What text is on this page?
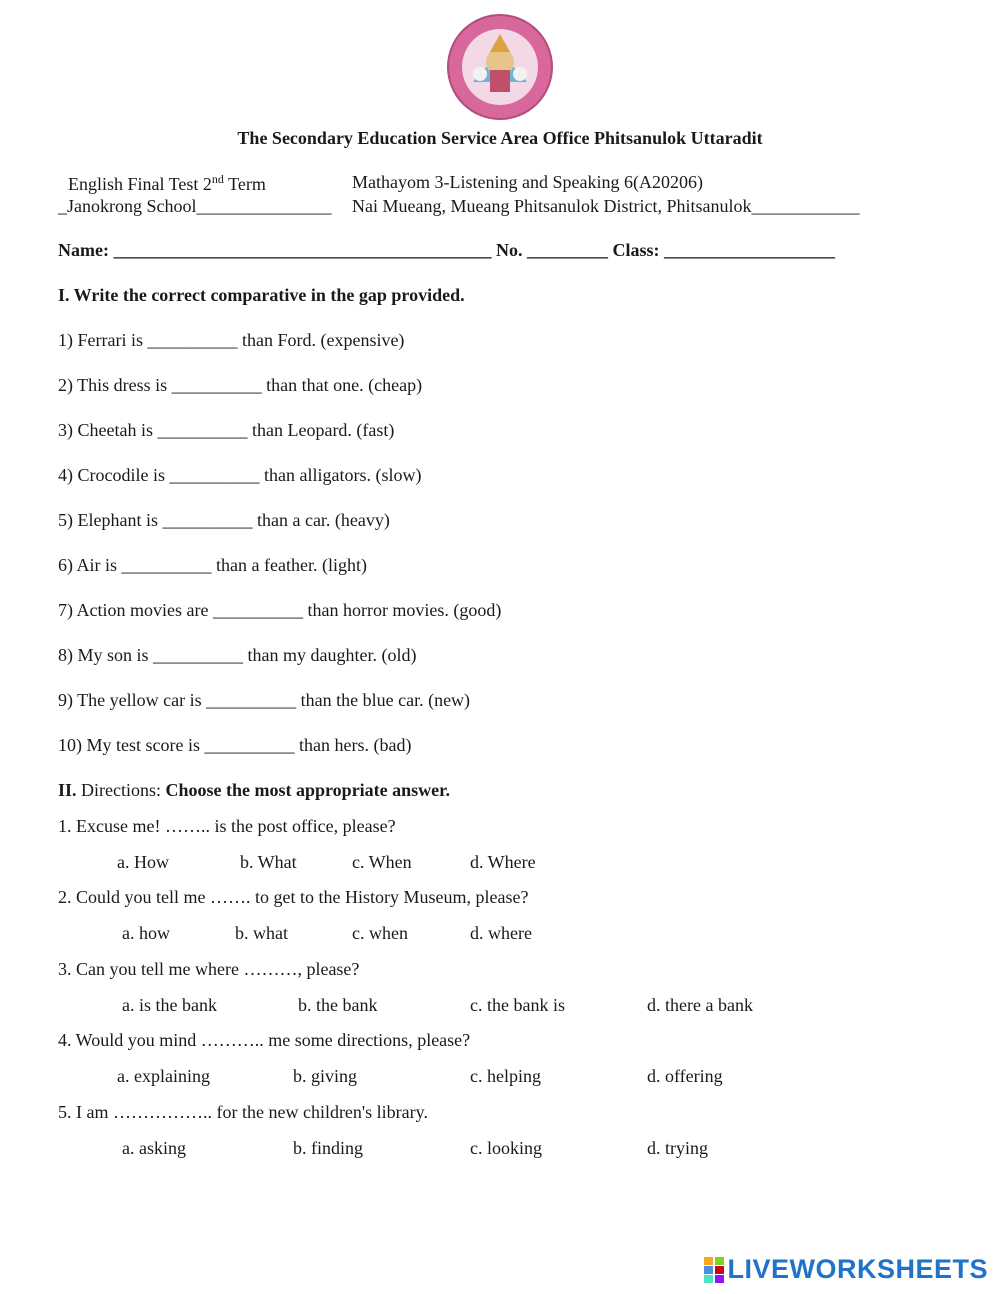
The Secondary Education Service Area Office Phitsanulok Uttaradit
English Final Test 2nd Term	Mathayom 3-Listening and Speaking 6(A20206)
_Janokrong School_______________ Nai Mueang, Mueang Phitsanulok District, Phitsanulok____________
Name: __________________________________________ No. _________ Class: ___________________
I. Write the correct comparative in the gap provided.
1) Ferrari is __________ than Ford. (expensive)
2) This dress is __________ than that one. (cheap)
3) Cheetah is __________ than Leopard. (fast)
4) Crocodile is __________ than alligators. (slow)
5) Elephant is __________ than a car. (heavy)
6) Air is __________ than a feather. (light)
7) Action movies are __________ than horror movies. (good)
8) My son is __________ than my daughter. (old)
9) The yellow car is __________ than the blue car. (new)
10) My test score is __________ than hers. (bad)
II. Directions: Choose the most appropriate answer.
1. Excuse me! …….. is the post office, please?
a. How	b. What	c. When	d. Where
2. Could you tell me ……. to get to the History Museum, please?
a. how	b. what	c. when	d. where
3. Can you tell me where ………, please?
a. is the bank	b. the bank	c. the bank is	d. there a bank
4. Would you mind ……….. me some directions, please?
a. explaining	b. giving	c. helping	d. offering
5. I am …………….. for the new children's library.
a. asking	b. finding	c. looking	d. trying
LIVEWORKSHEETS
